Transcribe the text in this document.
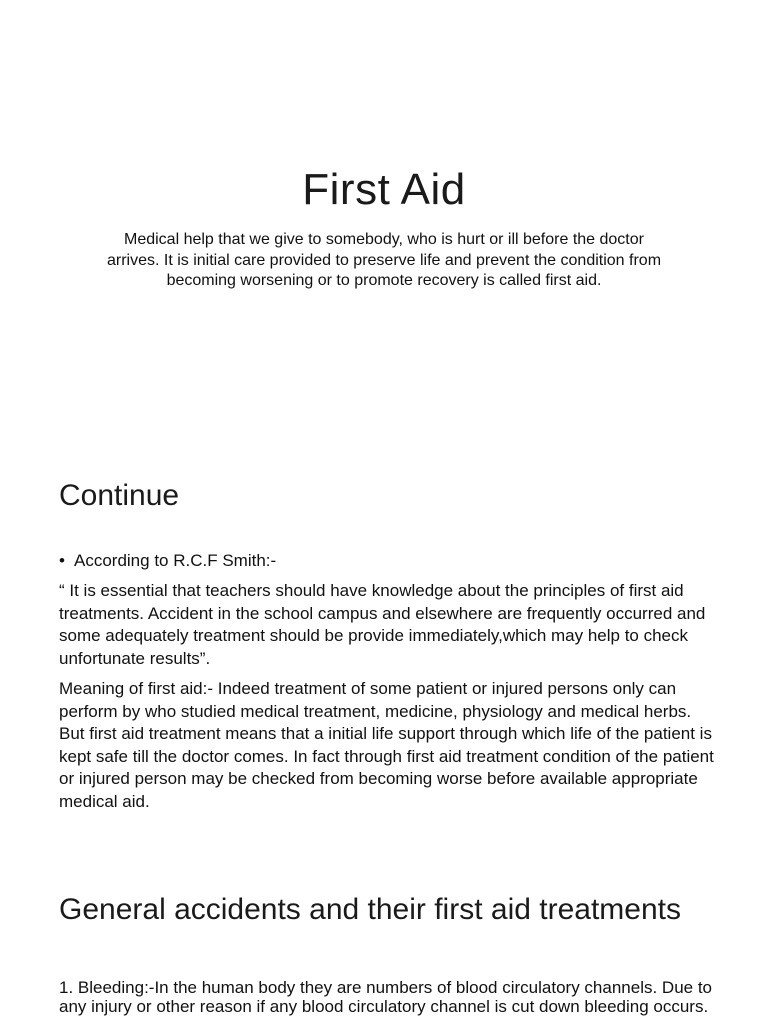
First Aid
Medical help that we give to somebody, who is hurt or ill before the doctor arrives. It is initial care provided to preserve life and prevent the condition from becoming worsening or to promote recovery is called first aid.
Continue
• According to R.C.F Smith:-
“ It is essential that teachers should have knowledge about the principles of first aid treatments. Accident in the school campus and elsewhere are frequently occurred and some adequately treatment should be provide immediately,which may help to check unfortunate results”.
Meaning of first aid:- Indeed treatment of some patient or injured persons only can perform by who studied medical treatment, medicine, physiology and medical herbs. But first aid treatment means that a initial life support through which life of the patient is kept safe till the doctor comes. In fact through first aid treatment condition of the patient or injured person may be checked from becoming worse before available appropriate medical aid.
General accidents and their first aid treatments
1. Bleeding:-In the human body they are numbers of blood circulatory channels. Due to any injury or other reason if any blood circulatory channel is cut down bleeding occurs.
